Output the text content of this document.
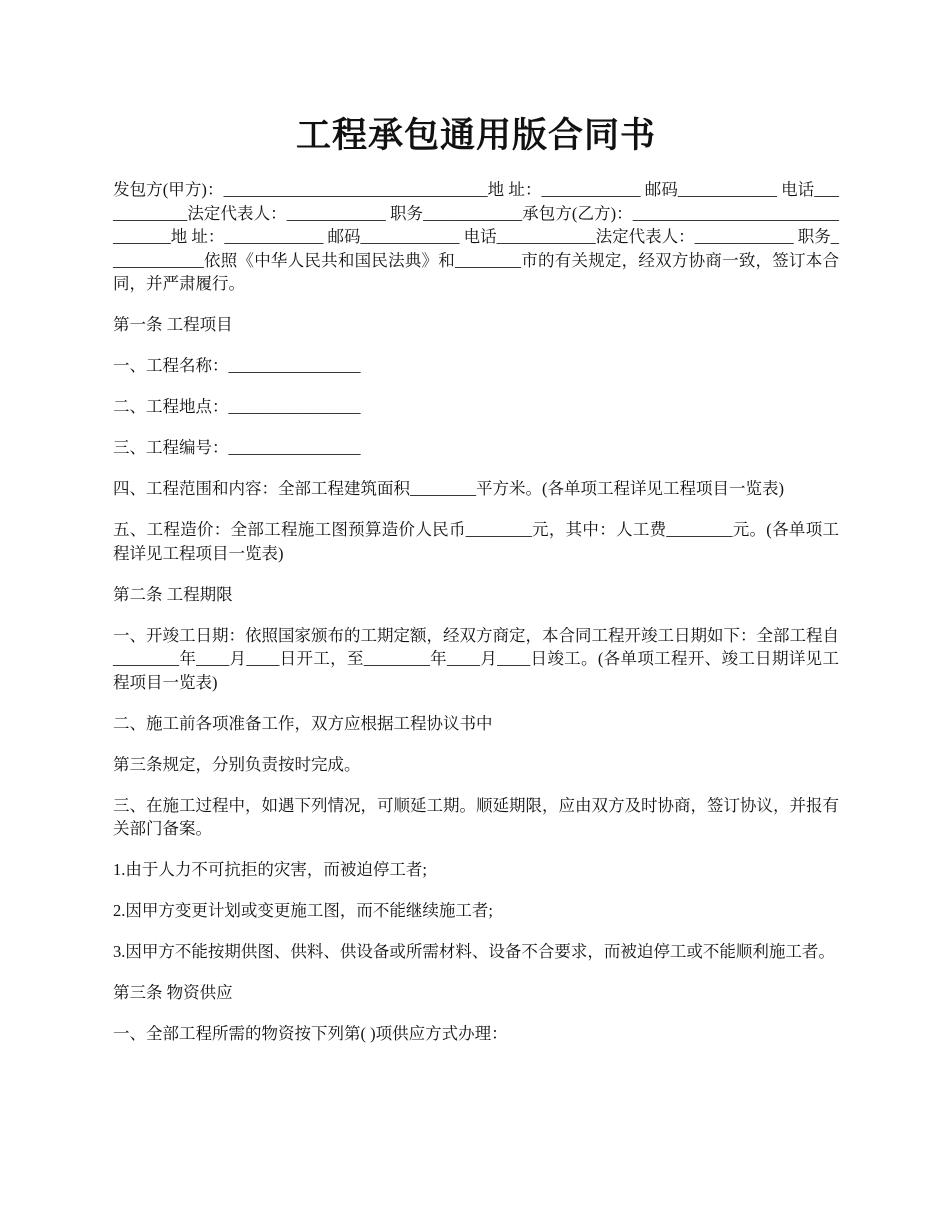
工程承包通用版合同书

发包方(甲方)：________________________________地 址：____________ 邮码____________ 电话____________法定代表人：____________ 职务____________承包方(乙方)：________________________________地 址：____________ 邮码____________ 电话____________法定代表人：____________ 职务____________依照《中华人民共和国民法典》和________市的有关规定，经双方协商一致，签订本合同，并严肃履行。

第一条 工程项目

一、工程名称：________________

二、工程地点：________________

三、工程编号：________________

四、工程范围和内容：全部工程建筑面积________平方米。(各单项工程详见工程项目一览表)

五、工程造价：全部工程施工图预算造价人民币________元，其中：人工费________元。(各单项工程详见工程项目一览表)

第二条 工程期限

一、开竣工日期：依照国家颁布的工期定额，经双方商定，本合同工程开竣工日期如下：全部工程自________年____月____日开工，至________年____月____日竣工。(各单项工程开、竣工日期详见工程项目一览表)

二、施工前各项准备工作，双方应根据工程协议书中

第三条规定，分别负责按时完成。

三、在施工过程中，如遇下列情况，可顺延工期。顺延期限，应由双方及时协商，签订协议，并报有关部门备案。

1.由于人力不可抗拒的灾害，而被迫停工者;

2.因甲方变更计划或变更施工图，而不能继续施工者;

3.因甲方不能按期供图、供料、供设备或所需材料、设备不合要求，而被迫停工或不能顺利施工者。

第三条 物资供应

一、全部工程所需的物资按下列第( )项供应方式办理：
